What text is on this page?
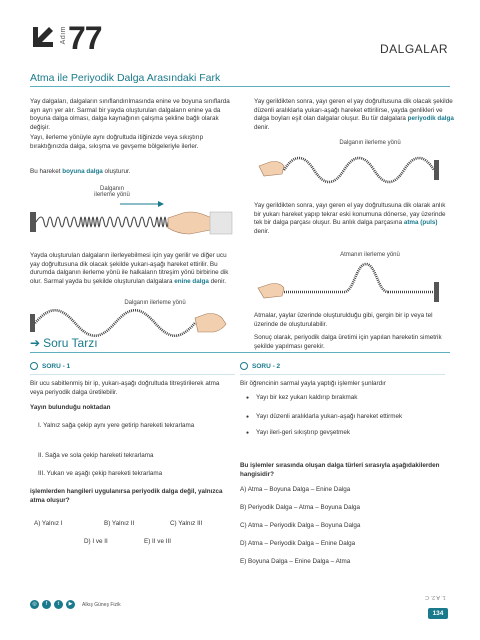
Adım 77	DALGALAR
Atma ile Periyodik Dalga Arasındaki Fark
Yay dalgaları, dalgaların sınıflandırılmasında enine ve boyuna sınıflarda ayrı ayrı yer alır. Sarmal bir yayda oluşturulan dalgaların enine ya da boyuna dalga olması, dalga kaynağının çalışma şekline bağlı olarak değişir.
Yayı, ilerleme yönüyle aynı doğrultuda itiğinizde veya sıkıştırıp bıraktığınızda dalga, sıkışma ve gevşeme bölgeleriyle ilerler.
Bu hareket boyuna dalga oluşturur.
Dalganın ilerleme yönü
Yayda oluşturulan dalgaların ilerleyebilmesi için yay gerilir ve diğer ucu yay doğrultusuna dik olacak şekilde yukarı-aşağı hareket ettirilir. Bu durumda dalganın ilerleme yönü ile halkaların titreşim yönü birbirine dik olur. Sarmal yayda bu şekilde oluşturulan dalgalara enine dalga denir.
Dalganın ilerleme yönü
Yay gerildikten sonra, yayı geren el yay doğrultusuna dik olacak şekilde düzenli aralıklarla yukarı-aşağı hareket ettirilirse, yayda genlikleri ve dalga boyları eşit olan dalgalar oluşur. Bu tür dalgalara periyodik dalga denir.
Dalganın ilerleme yönü
Yay gerildikten sonra, yayı geren el yay doğrultusuna dik olarak anlık bir yukarı hareket yapıp tekrar eski konumuna dönerse, yay üzerinde tek bir dalga parçası oluşur. Bu anlık dalga parçasına atma (puls) denir.
Atmanın ilerleme yönü
Atmalar, yaylar üzerinde oluşturulduğu gibi, gergin bir ip veya tel üzerinde de oluşturulabilir.
Sonuç olarak, periyodik dalga üretimi için yapılan hareketin simetrik şekilde yapılması gerekir.
➔ Soru Tarzı
SORU - 1
Bir ucu sabitlenmiş bir ip, yukarı-aşağı doğrultuda titreştirilerek atma veya periyodik dalga üretilebilir.
Yayın bulunduğu noktadan
I. Yalnız sağa çekip aynı yere getirip hareketi tekrarlama
II. Sağa ve sola çekip hareketi tekrarlama
III. Yukarı ve aşağı çekip hareketi tekrarlama
işlemlerden hangileri uygulanırsa periyodik dalga değil, yalnızca atma oluşur?
A) Yalnız I	B) Yalnız II	C) Yalnız III
D) I ve II	E) II ve III
SORU - 2
Bir öğrencinin sarmal yayla yaptığı işlemler şunlardır
● Yayı bir kez yukarı kaldırıp bırakmak
● Yayı düzenli aralıklarla yukarı-aşağı hareket ettirmek
● Yayı ileri-geri sıkıştırıp gevşetmek
Bu işlemler sırasında oluşan dalga türleri sırasıyla aşağıdakilerden hangisidir?
A) Atma – Boyuna Dalga – Enine Dalga
B) Periyodik Dalga – Atma – Boyuna Dalga
C) Atma – Periyodik Dalga – Boyuna Dalga
D) Atma – Periyodik Dalga – Enine Dalga
E) Boyuna Dalga – Enine Dalga – Atma
◎	f	t	▶	Alkış Güneş Fizik
1. A 2. C
134
